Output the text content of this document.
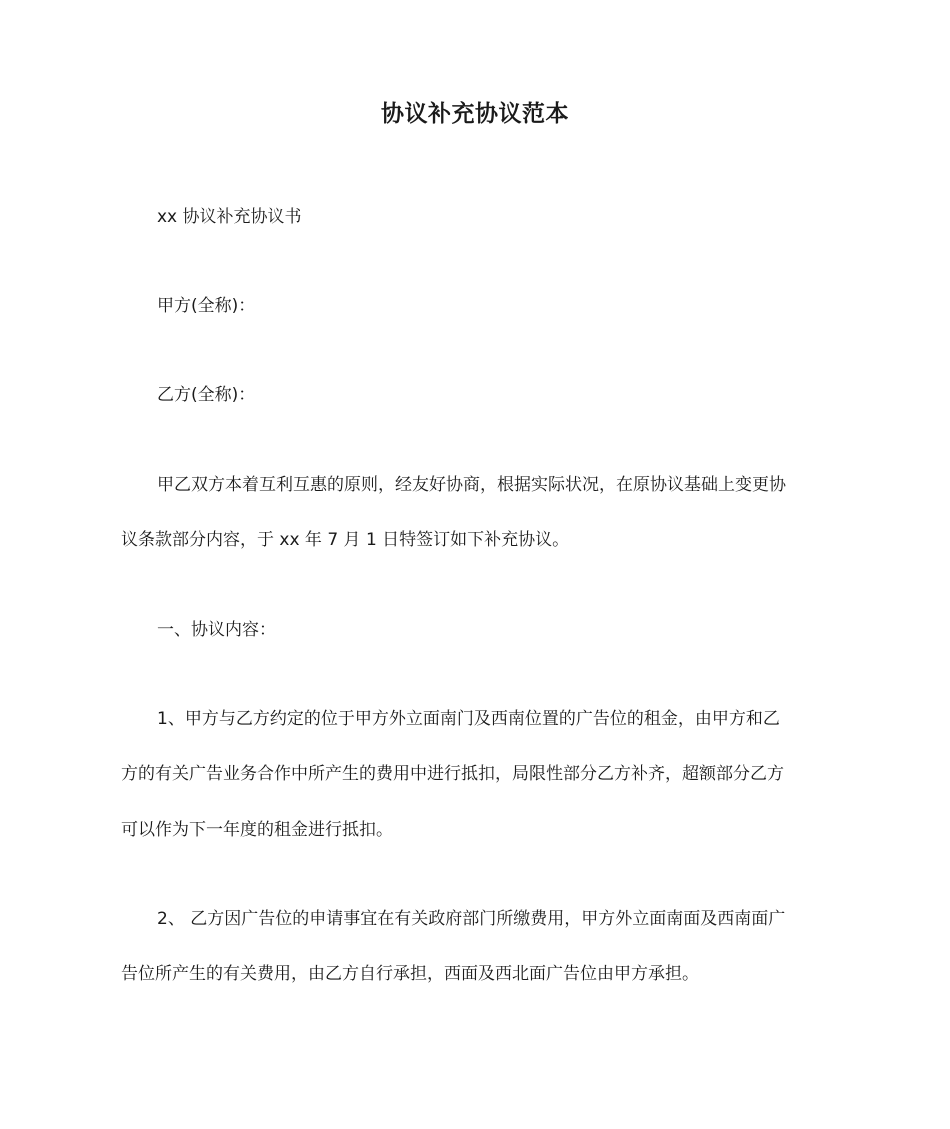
协议补充协议范本
xx 协议补充协议书
甲方(全称)：
乙方(全称)：
甲乙双方本着互利互惠的原则，经友好协商，根据实际状况，在原协议基础上变更协
议条款部分内容，于 xx 年 7 月 1 日特签订如下补充协议。
一、协议内容：
1、甲方与乙方约定的位于甲方外立面南门及西南位置的广告位的租金，由甲方和乙
方的有关广告业务合作中所产生的费用中进行抵扣，局限性部分乙方补齐，超额部分乙方
可以作为下一年度的租金进行抵扣。
2、 乙方因广告位的申请事宜在有关政府部门所缴费用，甲方外立面南面及西南面广
告位所产生的有关费用，由乙方自行承担，西面及西北面广告位由甲方承担。
